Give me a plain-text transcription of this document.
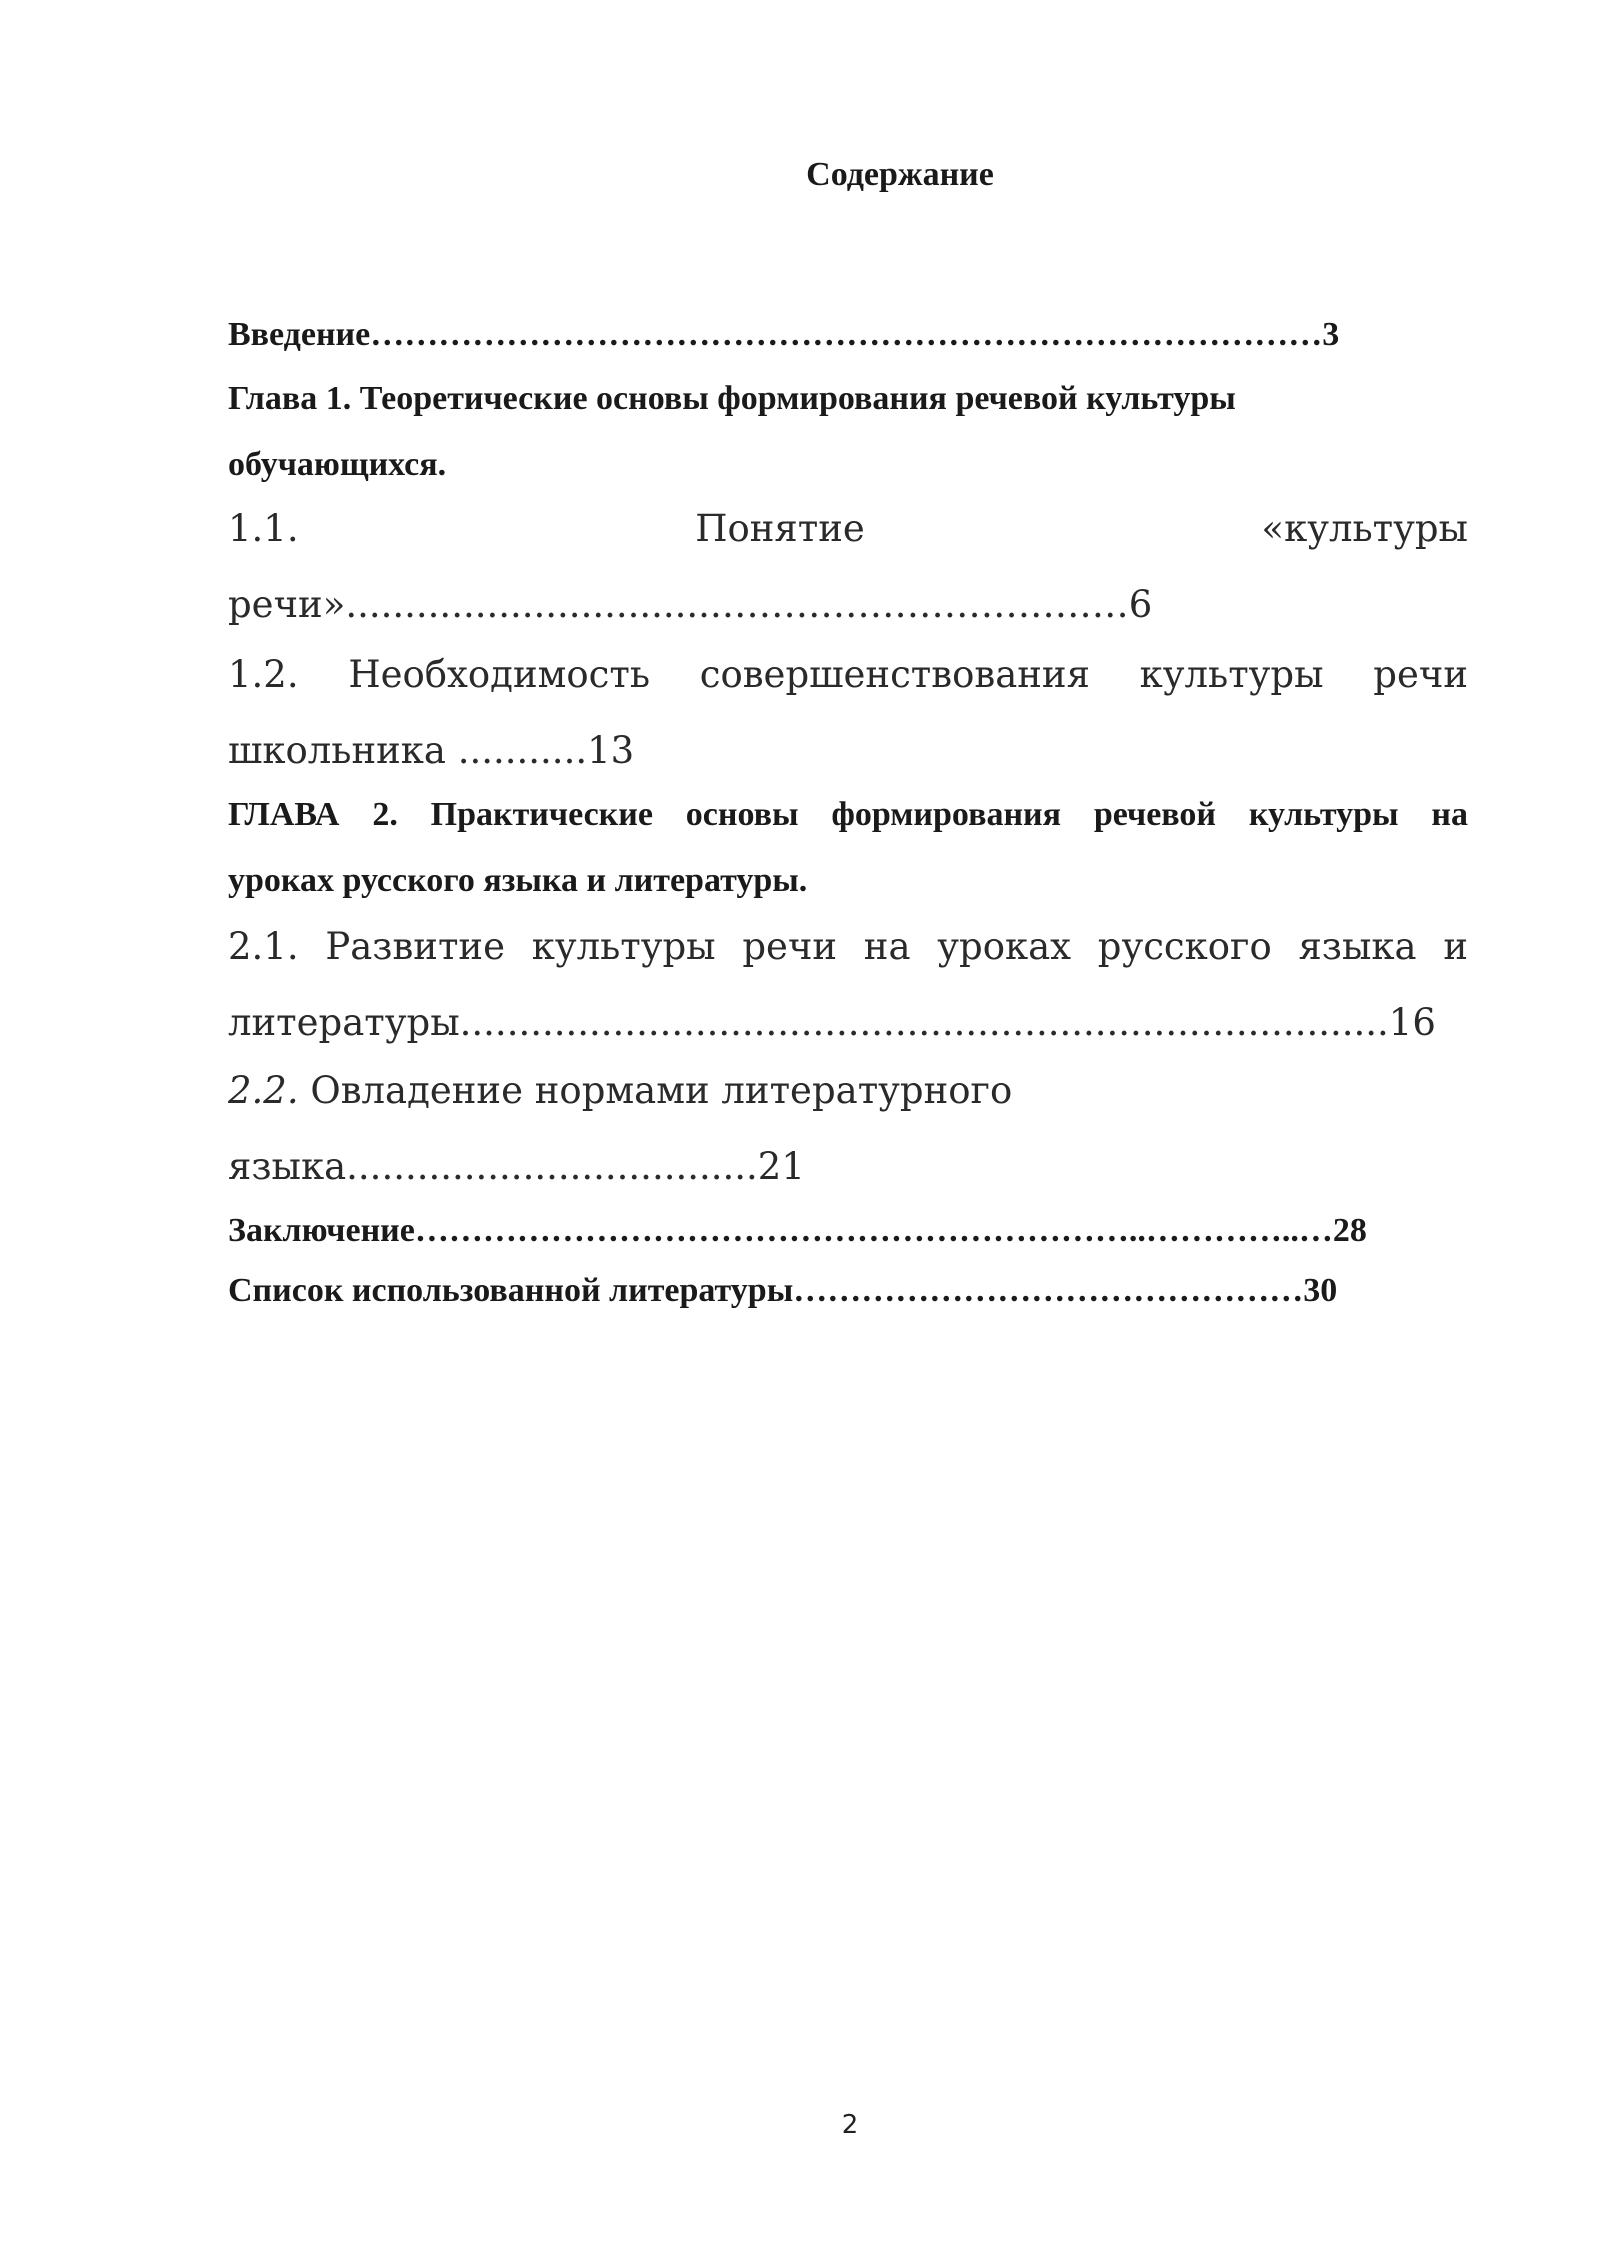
Содержание
Введение…………………………………………………………………………3
Глава 1. Теоретические основы формирования речевой культуры
обучающихся.
1.1. Понятие «культуры
речи»................................……………………………6
1.2. Необходимость совершенствования культуры речи
школьника ...........13
ГЛАВА 2. Практические основы формирования речевой культуры на
уроках русского языка и литературы.
2.1. Развитие культуры речи на уроках русского языка и
литературы...............................................................................16
2.2. Овладение нормами литературного
языка...................................21
Заключение………………………………………………………..…………..…28
Список использованной литературы………………………………………30
2
